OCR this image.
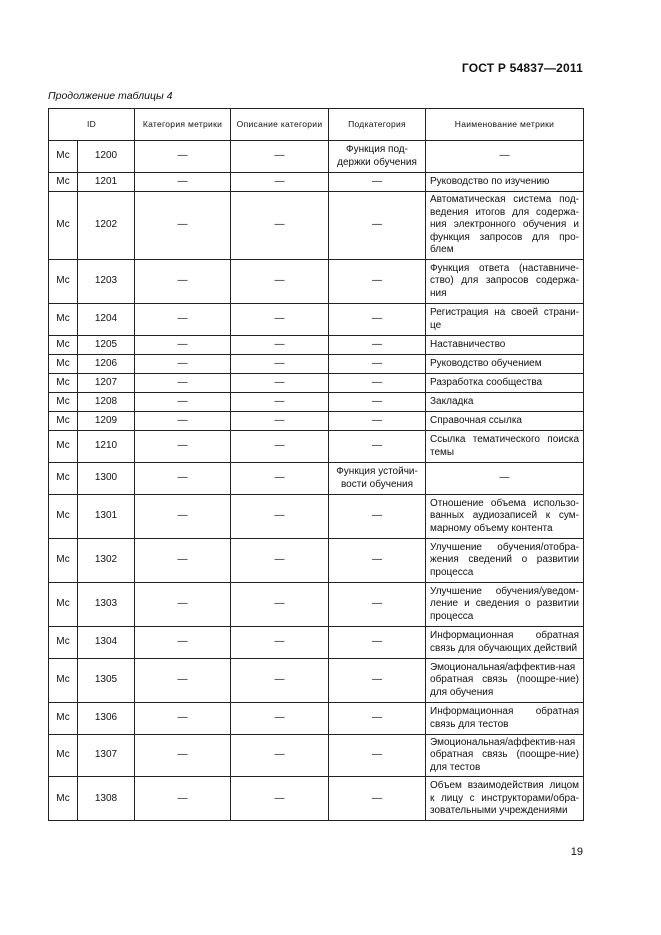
ГОСТ Р 54837—2011
Продолжение таблицы 4
ID		Категория метрики	Описание категории	Подкатегория	Наименование метрики
Мс	1200	—	—	Функция под-держки обучения	—
Мс	1201	—	—	—	Руководство по изучению
Мс	1202	—	—	—	Автоматическая система под-ведения итогов для содержа-ния электронного обучения и функция запросов для про-блем
Мс	1203	—	—	—	Функция ответа (наставниче-ство) для запросов содержа-ния
Мс	1204	—	—	—	Регистрация на своей страни-це
Мс	1205	—	—	—	Наставничество
Мс	1206	—	—	—	Руководство обучением
Мс	1207	—	—	—	Разработка сообщества
Мс	1208	—	—	—	Закладка
Мс	1209	—	—	—	Справочная ссылка
Мс	1210	—	—	—	Ссылка тематического поиска темы
Мс	1300	—	—	Функция устойчи-вости обучения	—
Мс	1301	—	—	—	Отношение объема использо-ванных аудиозаписей к сум-марному объему контента
Мс	1302	—	—	—	Улучшение обучения/отобра-жения сведений о развитии процесса
Мс	1303	—	—	—	Улучшение обучения/уведом-ление и сведения о развитии процесса
Мс	1304	—	—	—	Информационная обратная связь для обучающих действий
Мс	1305	—	—	—	Эмоциональная/аффектив-ная обратная связь (поощре-ние) для обучения
Мс	1306	—	—	—	Информационная обратная связь для тестов
Мс	1307	—	—	—	Эмоциональная/аффектив-ная обратная связь (поощре-ние) для тестов
Мс	1308	—	—	—	Объем взаимодействия лицом к лицу с инструкторами/обра-зовательными учреждениями
19
